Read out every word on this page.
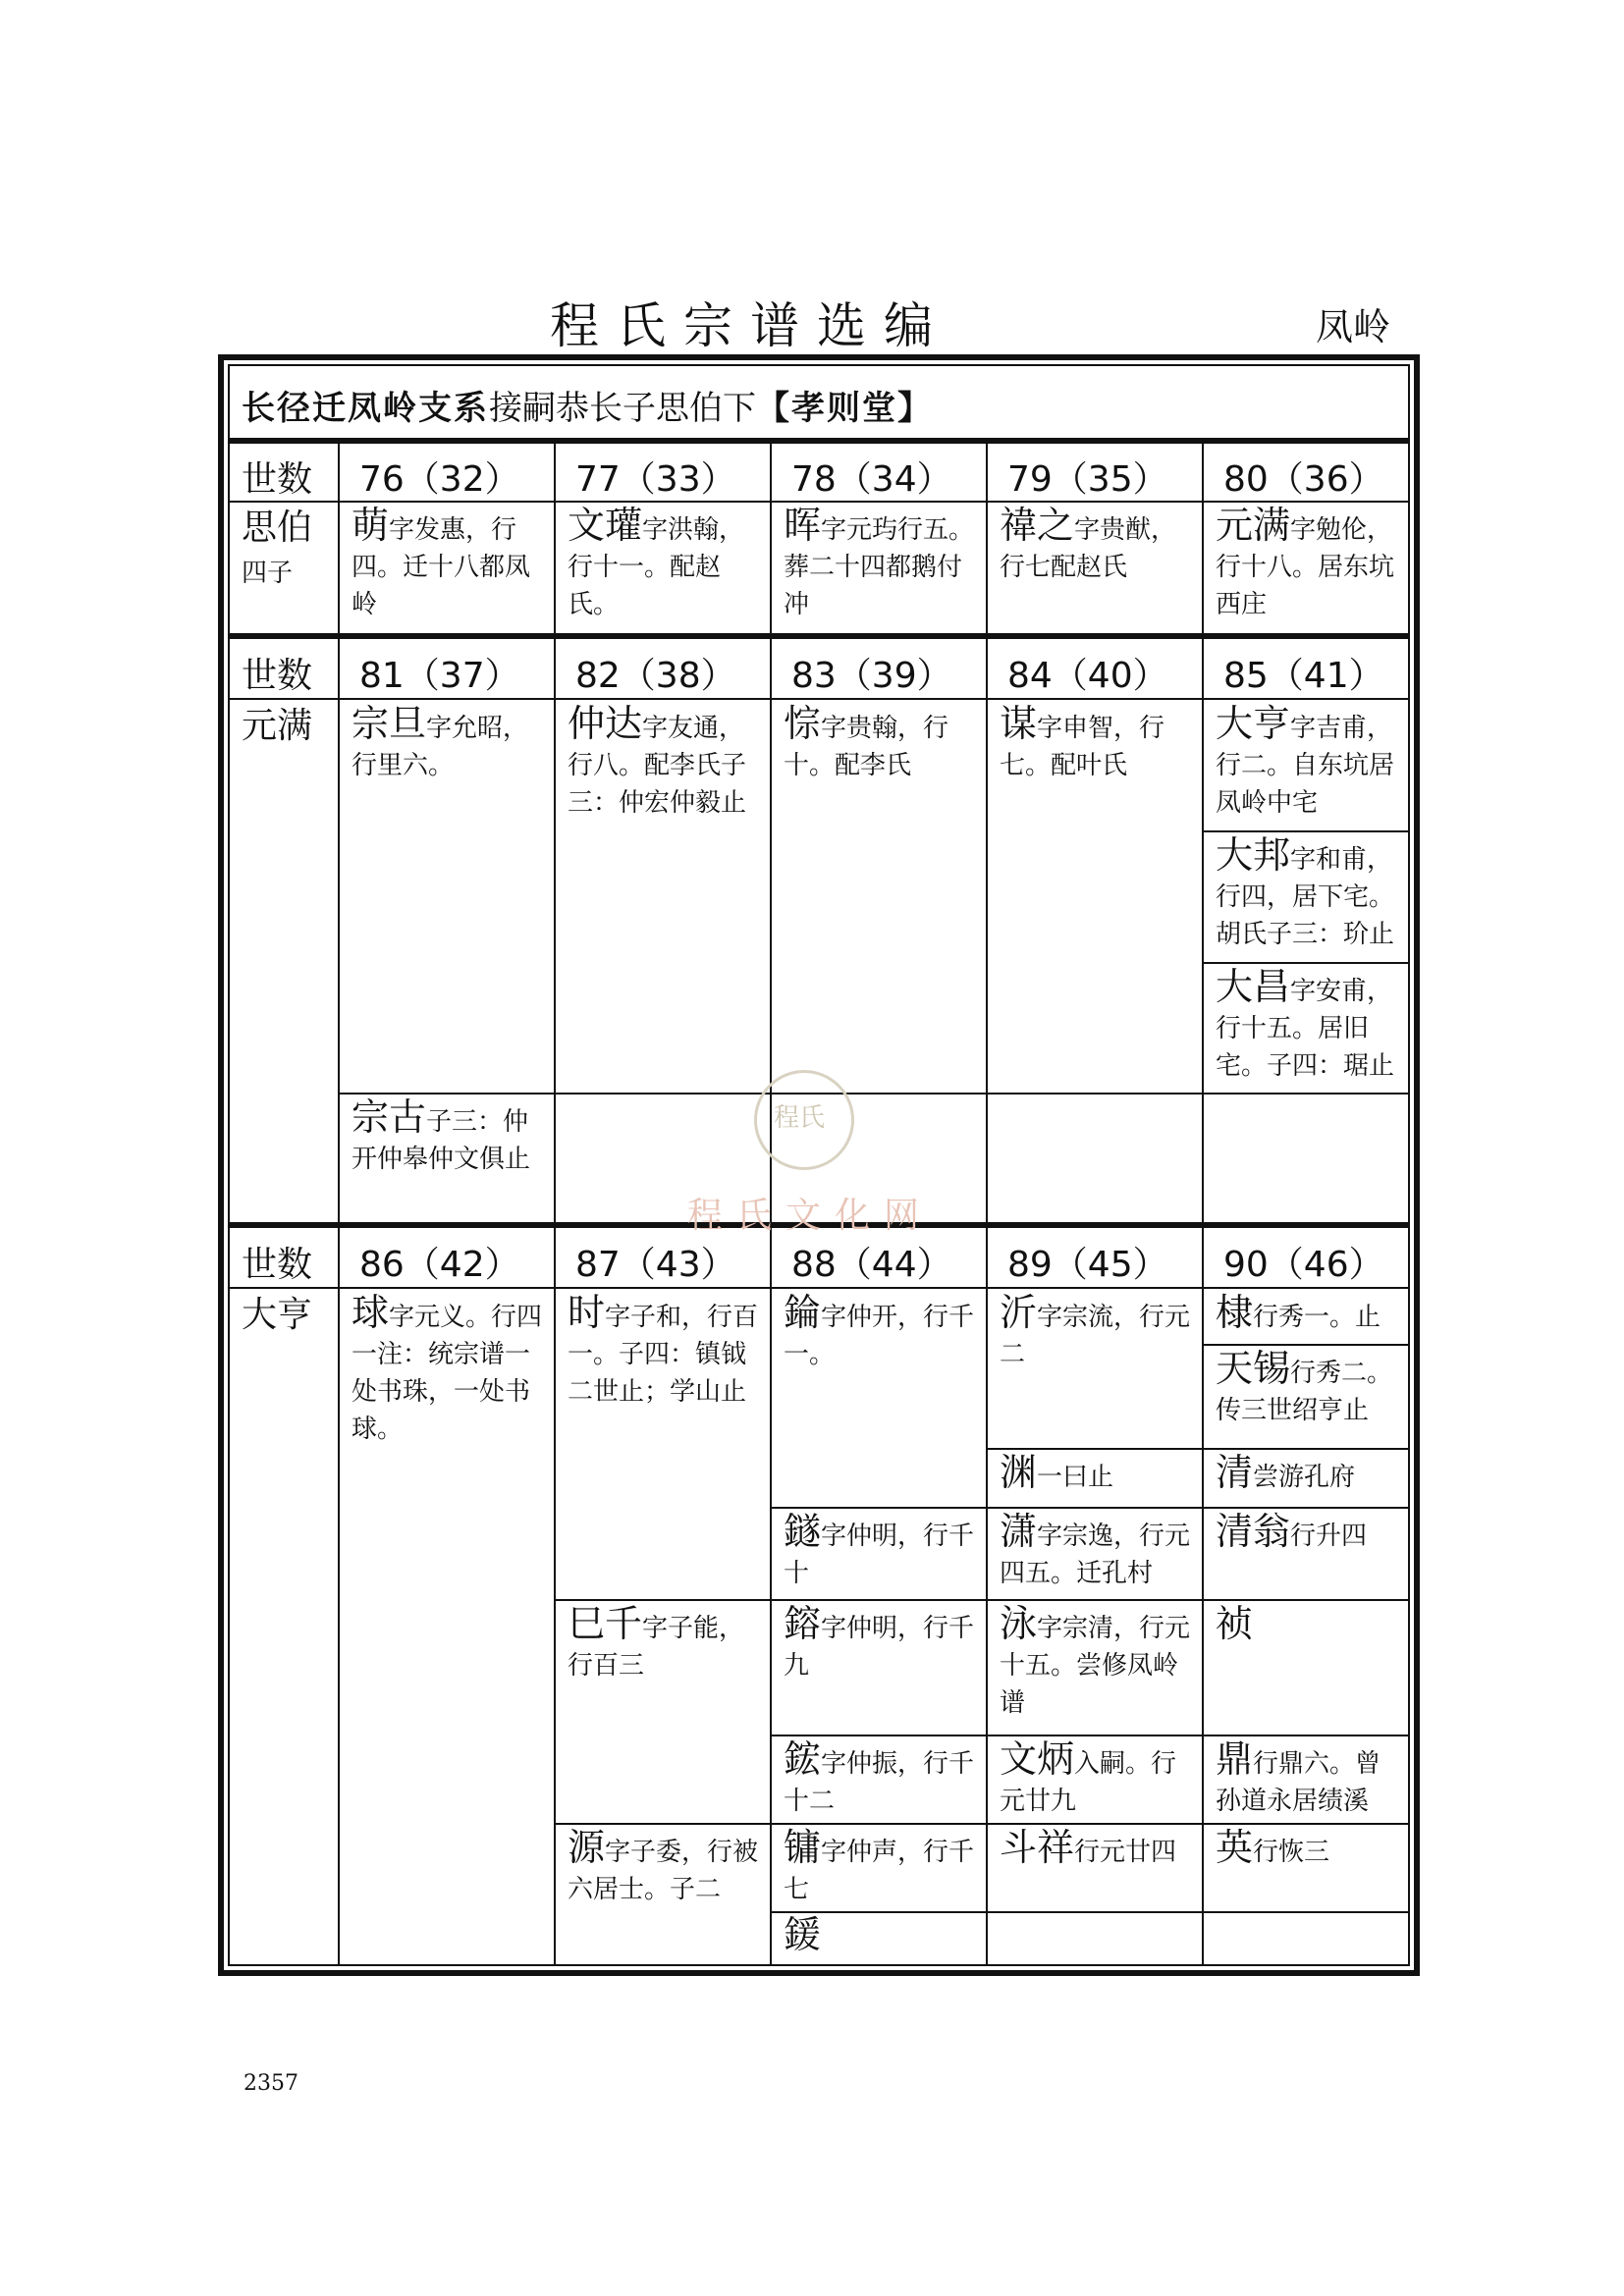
程氏宗谱选编	凤岭
长径迁凤岭支系接嗣恭长子思伯下【孝则堂】
世数 76（32） 77（33） 78（34） 79（35） 80（36）
思伯
四子
萌字发惠，行四。迁十八都凤岭
文瓘字洪翰，行十一。配赵氏。
晖字元玙行五。葬二十四都鹅付冲
禕之字贵猷，行七配赵氏
元满字勉伦，行十八。居东坑西庄
世数 81（37） 82（38） 83（39） 84（40） 85（41）
元满 宗旦字允昭，行里六。
仲达字友通，行八。配李氏子三：仲宏仲毅止
悰字贵翰，行十。配李氏
谋字申智，行七。配叶氏
大亨字吉甫，行二。自东坑居凤岭中宅
大邦字和甫，行四，居下宅。胡氏子三：玠止
大昌字安甫，行十五。居旧宅。子四：琚止
宗古子三：仲开仲皋仲文俱止
世数 86（42） 87（43） 88（44） 89（45） 90（46）
大亨 球字元义。行四一注：统宗谱一处书珠，一处书球。
时字子和，行百一。子四：镇钺二世止；学山止
巳千字子能，行百三
源字子委，行被六居士。子二
錀字仲开，行千一。
鐩字仲明，行千十
鎔字仲明，行千九
鋐字仲振，行千十二
镛字仲声，行千七
鍰
沂字宗流，行元二
渊一曰止
潇字宗逸，行元四五。迁孔村
泳字宗清，行元十五。尝修凤岭谱
文炳入嗣。行元廿九
斗祥行元廿四
棣行秀一。止
天锡行秀二。传三世绍亨止
清尝游孔府
清翁行升四
祯
鼎行鼎六。曾孙道永居绩溪
英行恢三
程氏
程氏文化网
2357
